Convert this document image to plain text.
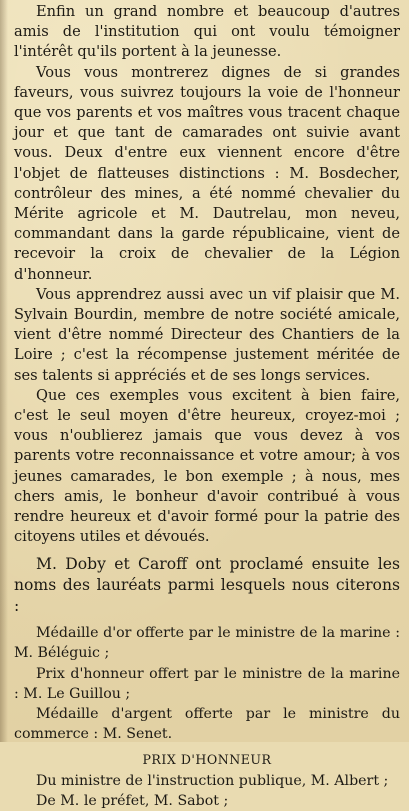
Enfin un grand nombre et beaucoup d'autres amis de l'institution qui ont voulu témoigner l'intérêt qu'ils portent à la jeunesse.

Vous vous montrerez dignes de si grandes faveurs, vous suivrez toujours la voie de l'honneur que vos parents et vos maîtres vous tracent chaque jour et que tant de camarades ont suivie avant vous. Deux d'entre eux viennent encore d'être l'objet de flatteuses distinctions : M. Bosdecher, contrôleur des mines, a été nommé chevalier du Mérite agricole et M. Dautrelau, mon neveu, commandant dans la garde républicaine, vient de recevoir la croix de chevalier de la Légion d'honneur.

Vous apprendrez aussi avec un vif plaisir que M. Sylvain Bourdin, membre de notre société amicale, vient d'être nommé Directeur des Chantiers de la Loire ; c'est la récompense justement méritée de ses talents si appréciés et de ses longs services.

Que ces exemples vous excitent à bien faire, c'est le seul moyen d'être heureux, croyez-moi ; vous n'oublierez jamais que vous devez à vos parents votre reconnaissance et votre amour; à vos jeunes camarades, le bon exemple ; à nous, mes chers amis, le bonheur d'avoir contribué à vous rendre heureux et d'avoir formé pour la patrie des citoyens utiles et dévoués.

M. Doby et Caroff ont proclamé ensuite les noms des lauréats parmi lesquels nous citerons :

Médaille d'or offerte par le ministre de la marine : M. Béléguic ;

Prix d'honneur offert par le ministre de la marine : M. Le Guillou ;

Médaille d'argent offerte par le ministre du commerce : M. Senet.

PRIX D'HONNEUR

Du ministre de l'instruction publique, M. Albert ;

De M. le préfet, M. Sabot ;
